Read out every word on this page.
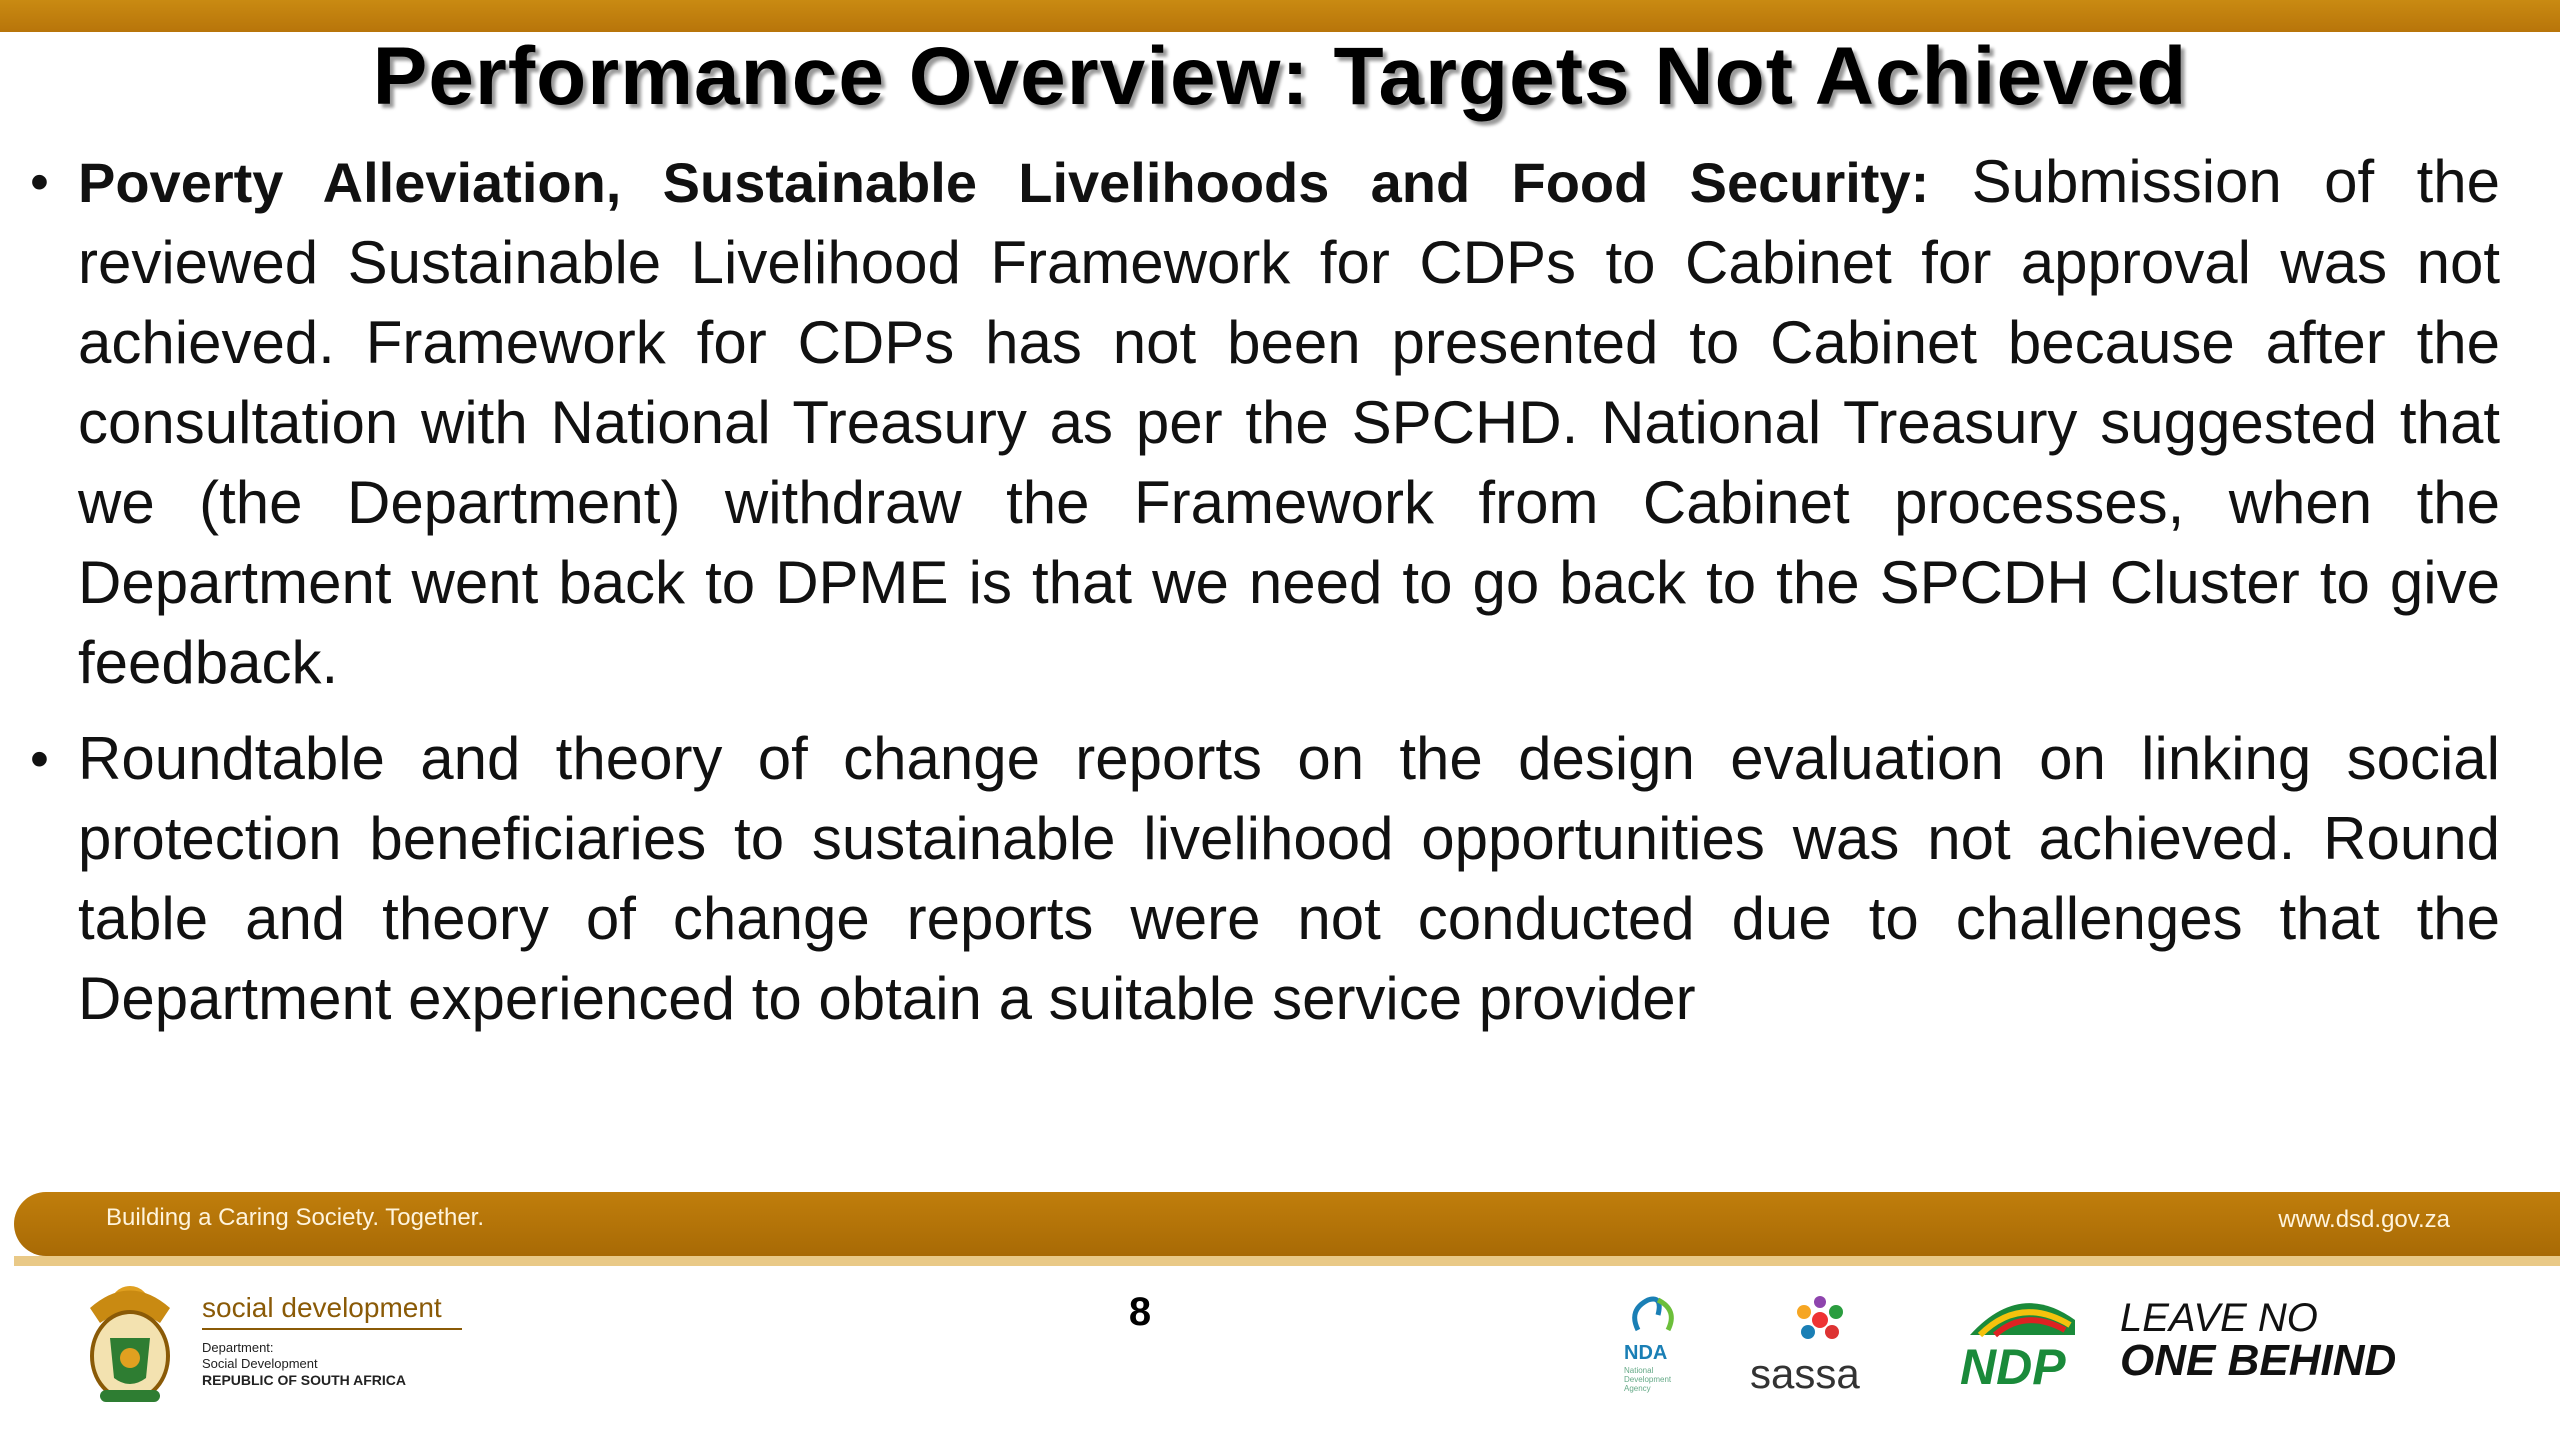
Performance Overview: Targets Not Achieved

• Poverty Alleviation, Sustainable Livelihoods and Food Security: Submission of the reviewed Sustainable Livelihood Framework for CDPs to Cabinet for approval was not achieved. Framework for CDPs has not been presented to Cabinet because after the consultation with National Treasury as per the SPCHD. National Treasury suggested that we (the Department) withdraw the Framework from Cabinet processes, when the Department went back to DPME is that we need to go back to the SPCDH Cluster to give feedback.

• Roundtable and theory of change reports on the design evaluation on linking social protection beneficiaries to sustainable livelihood opportunities was not achieved. Round table and theory of change reports were not conducted due to challenges that the Department experienced to obtain a suitable service provider

Building a Caring Society. Together.	www.dsd.gov.za
8
social development
Department:
Social Development
REPUBLIC OF SOUTH AFRICA
NDA
National Development Agency	sassa NDP
LEAVE NO
ONE BEHIND
